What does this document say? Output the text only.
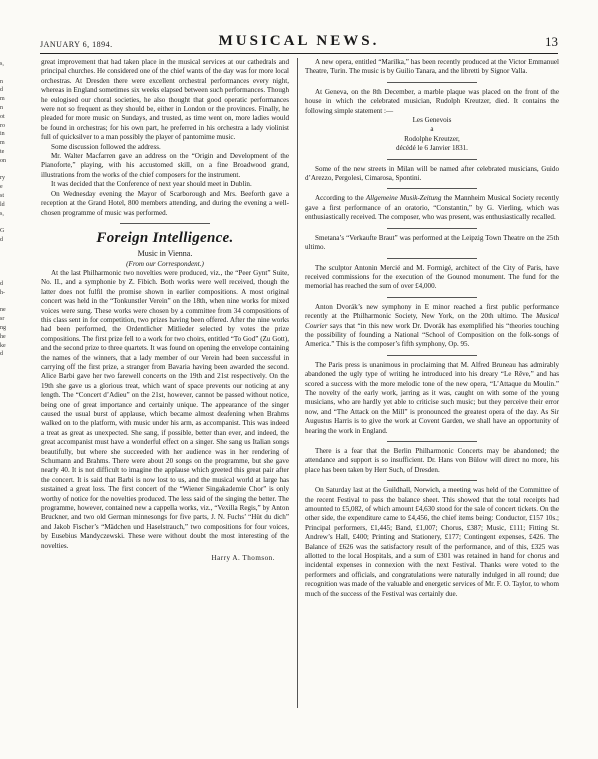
JANUARY 6, 1894.	MUSICAL NEWS.	13
s,
n
d
m
n
ot
ro
in
m
te
on
ry
e
st
ld
s,
G
d
d
h-
ne
sr
ng
he
ke
d

great improvement that had taken place in the musical services at our cathedrals and principal churches. He considered one of the chief wants of the day was for more local orchestras. At Dresden there were excellent orchestral performances every night, whereas in England sometimes six weeks elapsed between such performances. Though he eulogised our choral societies, he also thought that good operatic performances were not so frequent as they should be, either in London or the provinces. Finally, he pleaded for more music on Sundays, and trusted, as time went on, more ladies would be found in orchestras; for his own part, he preferred in his orchestra a lady violinist full of quicksilver to a man possibly the player of pantomime music.

Some discussion followed the address.

Mr. Walter Macfarren gave an address on the “Origin and Development of the Pianoforte,” playing, with his accustomed skill, on a fine Broadwood grand, illustrations from the works of the chief composers for the instrument.

It was decided that the Conference of next year should meet in Dublin.

On Wednesday evening the Mayor of Scarborough and Mrs. Beeforth gave a reception at the Grand Hotel, 800 members attending, and during the evening a well-chosen programme of music was performed.

Foreign Intelligence.
Music in Vienna.
(From our Correspondent.)

At the last Philharmonic two novelties were produced, viz., the “Peer Gynt” Suite, No. II., and a symphonie by Z. Fibich. Both works were well received, though the latter does not fulfil the promise shown in earlier compositions. A most original concert was held in the “Tonkunstler Verein” on the 18th, when nine works for mixed voices were sung. These works were chosen by a committee from 34 compositions of this class sent in for competition, two prizes having been offered. After the nine works had been performed, the Ordentlicher Mitlieder selected by votes the prize compositions. The first prize fell to a work for two choirs, entitled “To God” (Zu Gott), and the second prize to three quartets. It was found on opening the envelope containing the names of the winners, that a lady member of our Verein had been successful in carrying off the first prize, a stranger from Bavaria having been awarded the second. Alice Barbi gave her two farewell concerts on the 19th and 21st respectively. On the 19th she gave us a glorious treat, which want of space prevents our noticing at any length. The “Concert d’Adieu” on the 21st, however, cannot be passed without notice, being one of great importance and certainly unique. The appearance of the singer caused the usual burst of applause, which became almost deafening when Brahms walked on to the platform, with music under his arm, as accompanist. This was indeed a treat as great as unexpected. She sang, if possible, better than ever, and indeed, the great accompanist must have a wonderful effect on a singer. She sang us Italian songs beautifully, but where she succeeded with her audience was in her rendering of Schumann and Brahms. There were about 20 songs on the programme, but she gave nearly 40. It is not difficult to imagine the applause which greeted this great pair after the concert. It is said that Barbi is now lost to us, and the musical world at large has sustained a great loss. The first concert of the “Wiener Singakademie Chor” is only worthy of notice for the novelties produced. The less said of the singing the better. The programme, however, contained new a cappella works, viz., “Vexilla Regis,” by Anton Bruckner, and two old German minnesongs for five parts, J. N. Fuchs’ “Hüt du dich” and Jakob Fischer’s “Mädchen und Haselstrauch,” two compositions for four voices, by Eusebius Mandyczewski. These were without doubt the most interesting of the novelties.

Harry A. Thomson.

A new opera, entitled “Marilka,” has been recently produced at the Victor Emmanuel Theatre, Turin. The music is by Guilio Tanara, and the libretti by Signor Valla.

At Geneva, on the 8th December, a marble plaque was placed on the front of the house in which the celebrated musician, Rudolph Kreutzer, died. It contains the following simple statement :—

Les Genevois

a

Rodolphe Kreutzer,

décédé le 6 Janvier 1831.

Some of the new streets in Milan will be named after celebrated musicians, Guido d’Arezzo, Pergolesi, Cimarosa, Spontini.

According to the Allgemeine Musik-Zeitung the Mannheim Musical Society recently gave a first performance of an oratorio, “Constantin,” by G. Vierling, which was enthusiastically received. The composer, who was present, was enthusiastically recalled.

Smetana’s “Verkaufte Braut” was performed at the Leipzig Town Theatre on the 25th ultimo.

The sculptor Antonin Mercié and M. Formigé, architect of the City of Paris, have received commissions for the execution of the Gounod monument. The fund for the memorial has reached the sum of over £4,000.

Anton Dvorák’s new symphony in E minor reached a first public performance recently at the Philharmonic Society, New York, on the 20th ultimo. The Musical Courier says that “in this new work Dr. Dvorák has exemplified his “theories touching the possibility of founding a National “School of Composition on the folk-songs of America.” This is the composer’s fifth symphony, Op. 95.

The Paris press is unanimous in proclaiming that M. Alfred Bruneau has admirably abandoned the ugly type of writing he introduced into his dreary “Le Rêve,” and has scored a success with the more melodic tone of the new opera, “L’Attaque du Moulin.” The novelty of the early work, jarring as it was, caught on with some of the young musicians, who are hardly yet able to criticise such music; but they perceive their error now, and “The Attack on the Mill” is pronounced the greatest opera of the day. As Sir Augustus Harris is to give the work at Covent Garden, we shall have an opportunity of hearing the work in England.

There is a fear that the Berlin Philharmonic Concerts may be abandoned; the attendance and support is so insufficient. Dr. Hans von Bülow will direct no more, his place has been taken by Herr Such, of Dresden.

On Saturday last at the Guildhall, Norwich, a meeting was held of the Committee of the recent Festival to pass the balance sheet. This showed that the total receipts had amounted to £5,082, of which amount £4,630 stood for the sale of concert tickets. On the other side, the expenditure came to £4,456, the chief items being: Conductor, £157 10s.; Principal performers, £1,445; Band, £1,007; Chorus, £387; Music, £111; Fitting St. Andrew’s Hall, £400; Printing and Stationery, £177; Contingent expenses, £426. The Balance of £626 was the satisfactory result of the performance, and of this, £325 was allotted to the local Hospitals, and a sum of £301 was retained in hand for chorus and incidental expenses in connexion with the next Festival. Thanks were voted to the performers and officials, and congratulations were naturally indulged in all round; due recognition was made of the valuable and energetic services of Mr. F. O. Taylor, to whom much of the success of the Festival was certainly due.
